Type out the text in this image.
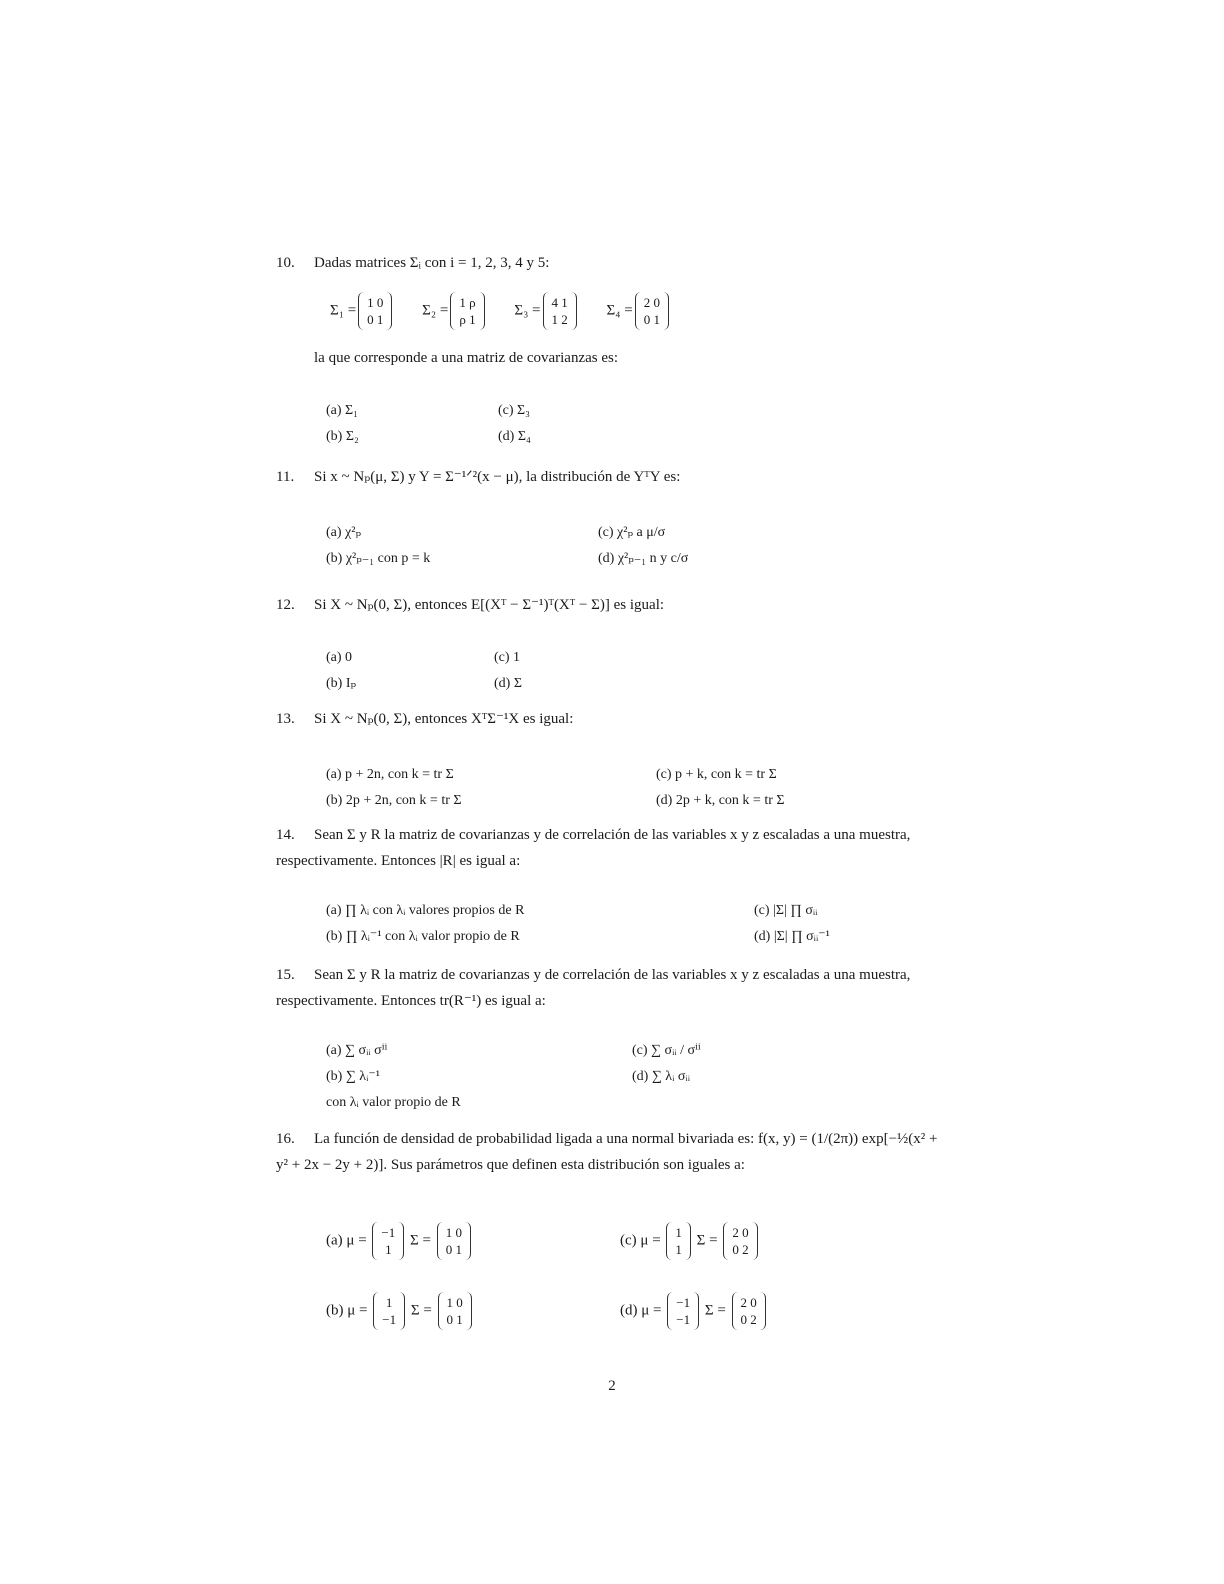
10. Dadas matrices Σᵢ con i = 1, 2, 3, 4 y 5:
Σ₁ = 1 0
0 1
Σ₂ = 1 ρ
ρ 1
Σ₃ = 4 1
1 2
Σ₄ = 2 0
0 1
la que corresponde a una matriz de covarianzas es:
(a) Σ₁
(b) Σ₂
(c) Σ₃
(d) Σ₄
11. Si x ~ Nₚ(μ, Σ) y Y = Σ⁻¹ᐟ²(x − μ), la distribución de YᵀY es:
(a) χ²ₚ
(b) χ²ₚ₋₁ con p = k
(c) χ²ₚ a μ/σ
(d) χ²ₚ₋₁ n y c/σ
12. Si X ~ Nₚ(0, Σ), entonces E[(Xᵀ − Σ⁻¹)ᵀ(Xᵀ − Σ)] es igual:
(a) 0
(b) Iₚ
(c) 1
(d) Σ
13. Si X ~ Nₚ(0, Σ), entonces XᵀΣ⁻¹X es igual:
(a) p + 2n, con k = tr Σ
(b) 2p + 2n, con k = tr Σ
(c) p + k, con k = tr Σ
(d) 2p + k, con k = tr Σ
14. Sean Σ y R la matriz de covarianzas y de correlación de las variables x y z escaladas a una muestra, respectivamente. Entonces |R| es igual a:
(a) ∏ λᵢ con λᵢ valores propios de R
(b) ∏ λᵢ⁻¹ con λᵢ valor propio de R
(c) |Σ| ∏ σᵢᵢ
(d) |Σ| ∏ σᵢᵢ⁻¹
15. Sean Σ y R la matriz de covarianzas y de correlación de las variables x y z escaladas a una muestra, respectivamente. Entonces tr(R⁻¹) es igual a:
(a) ∑ σᵢᵢ σⁱⁱ
(b) ∑ λᵢ⁻¹
con λᵢ valor propio de R
(c) ∑ σᵢᵢ / σⁱⁱ
(d) ∑ λᵢ σᵢᵢ
16. La función de densidad de probabilidad ligada a una normal bivariada es: f(x, y) = (1/(2π)) exp[−½(x² + y² + 2x − 2y + 2)]. Sus parámetros que definen esta distribución son iguales a:
(a) μ = −1
1
Σ = 1 0
0 1
(c) μ = 1
1
Σ = 2 0
0 2
(b) μ = 1
−1
Σ = 1 0
0 1
(d) μ = −1
−1
Σ = 2 0
0 2
2
